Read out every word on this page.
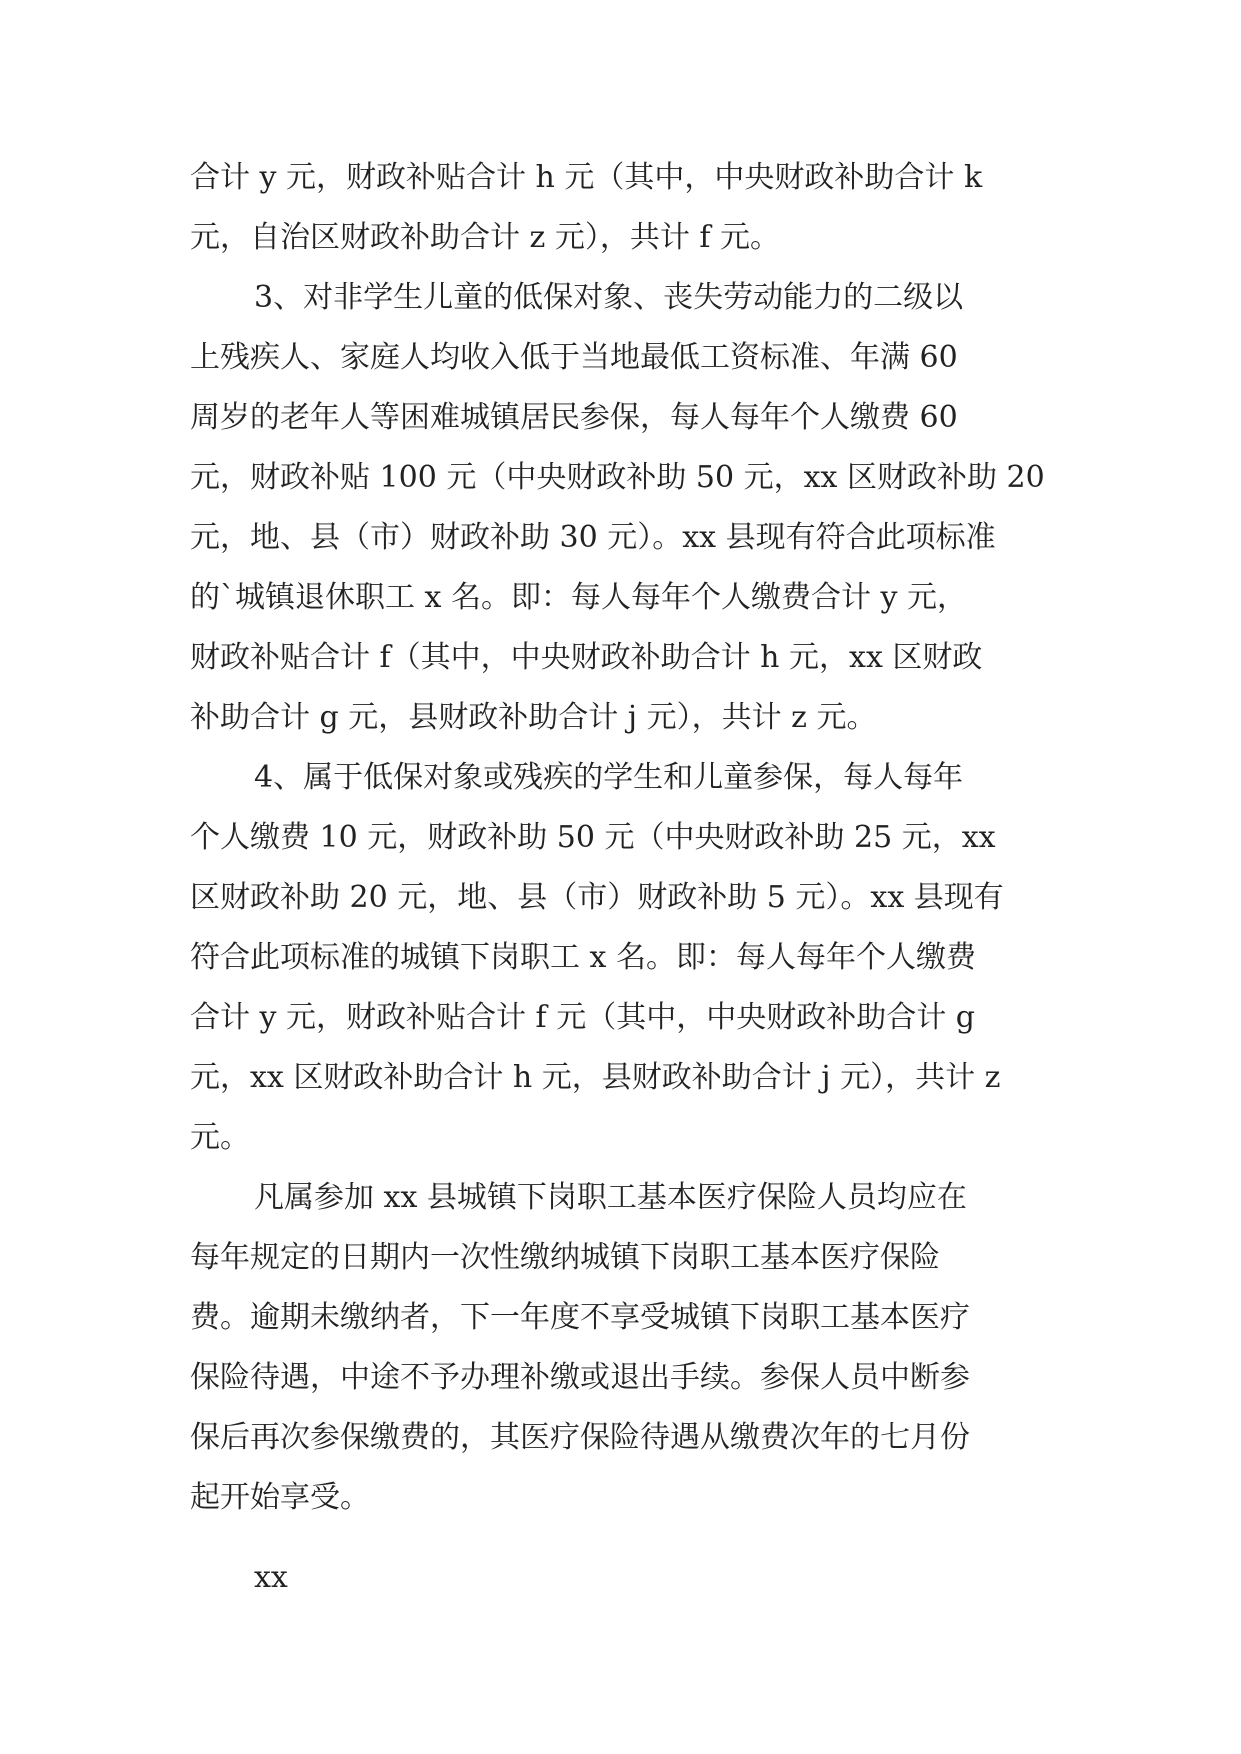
合计 y 元，财政补贴合计 h 元（其中，中央财政补助合计 k
元，自治区财政补助合计 z 元），共计 f 元。
3、对非学生儿童的低保对象、丧失劳动能力的二级以
上残疾人、家庭人均收入低于当地最低工资标准、年满 60
周岁的老年人等困难城镇居民参保，每人每年个人缴费 60
元，财政补贴 100 元（中央财政补助 50 元，xx 区财政补助 20
元，地、县（市）财政补助 30 元）。xx 县现有符合此项标准
的`城镇退休职工 x 名。即：每人每年个人缴费合计 y 元，
财政补贴合计 f（其中，中央财政补助合计 h 元，xx 区财政
补助合计 g 元，县财政补助合计 j 元），共计 z 元。
4、属于低保对象或残疾的学生和儿童参保，每人每年
个人缴费 10 元，财政补助 50 元（中央财政补助 25 元，xx
区财政补助 20 元，地、县（市）财政补助 5 元）。xx 县现有
符合此项标准的城镇下岗职工 x 名。即：每人每年个人缴费
合计 y 元，财政补贴合计 f 元（其中，中央财政补助合计 g
元，xx 区财政补助合计 h 元，县财政补助合计 j 元），共计 z
元。
凡属参加 xx 县城镇下岗职工基本医疗保险人员均应在
每年规定的日期内一次性缴纳城镇下岗职工基本医疗保险
费。逾期未缴纳者，下一年度不享受城镇下岗职工基本医疗
保险待遇，中途不予办理补缴或退出手续。参保人员中断参
保后再次参保缴费的，其医疗保险待遇从缴费次年的七月份
起开始享受。
xx
